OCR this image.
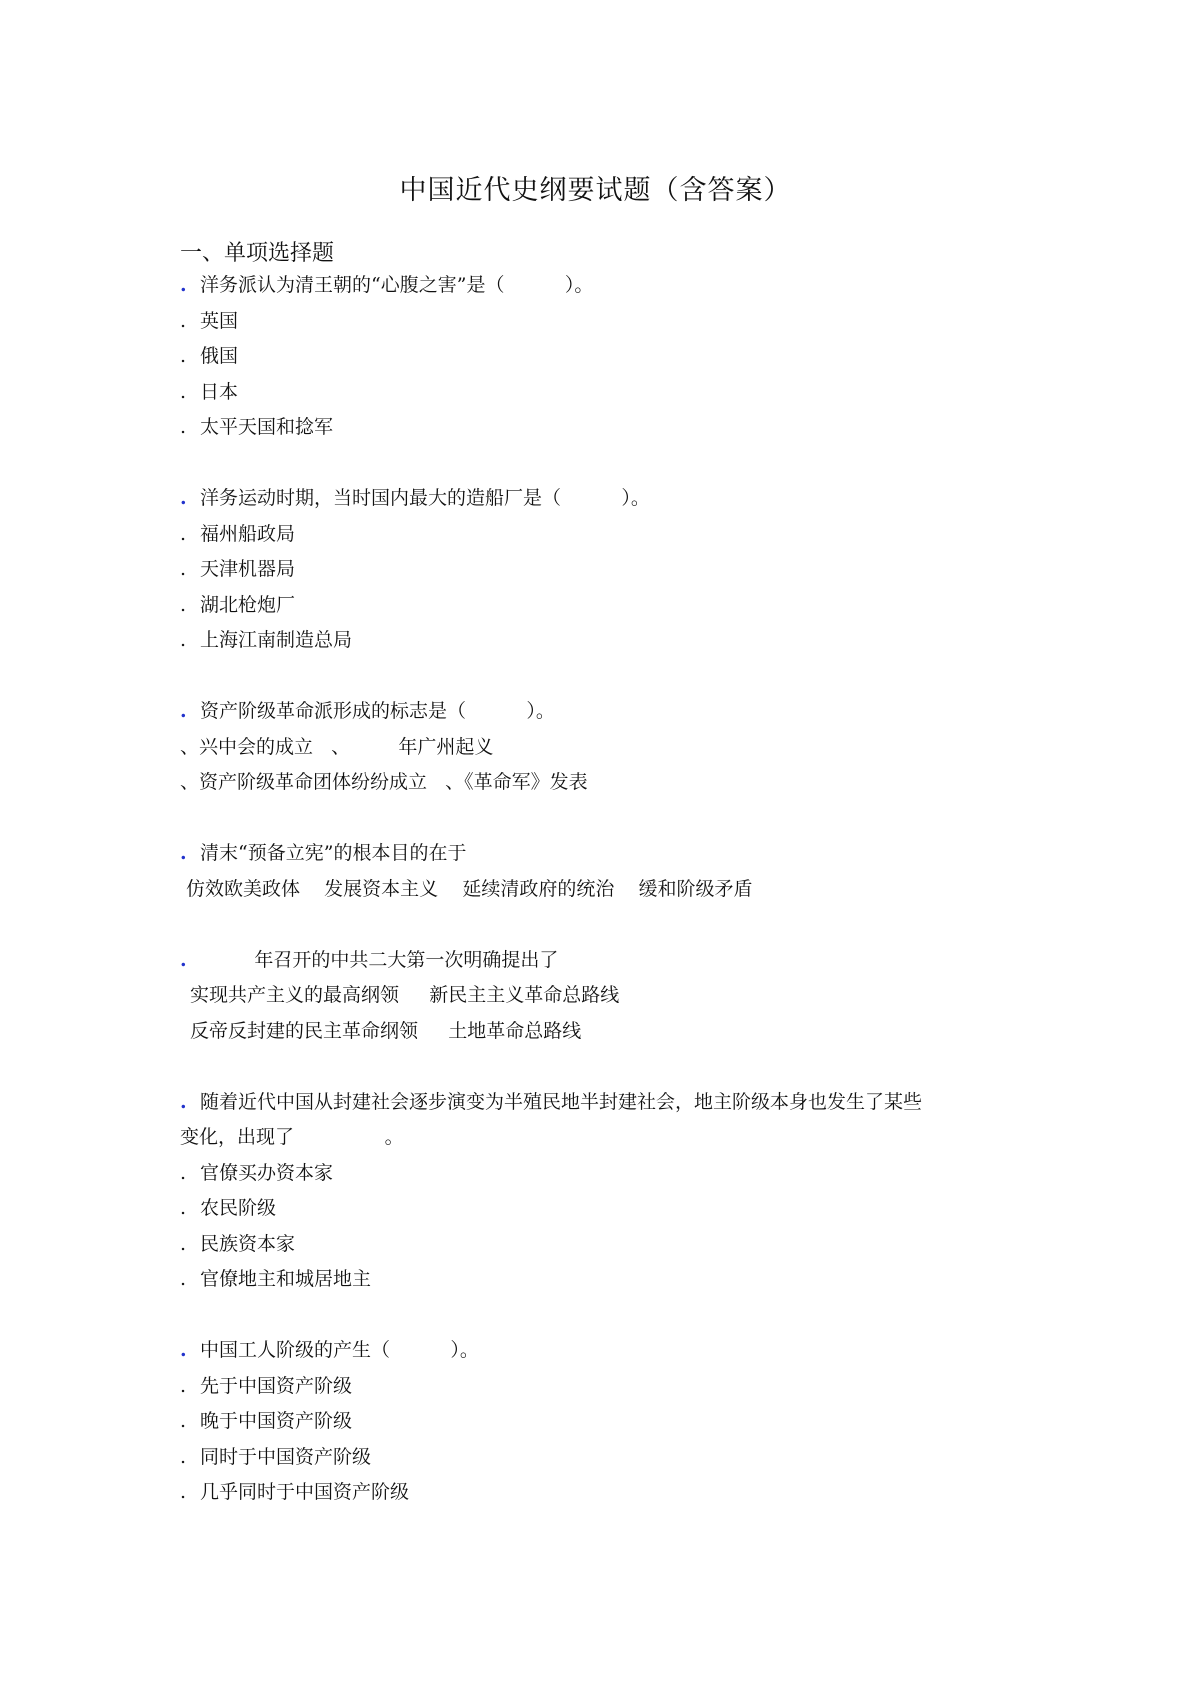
中国近代史纲要试题（含答案）
一、单项选择题
. 洋务派认为清王朝的“心腹之害”是（          ）。
. 英国
. 俄国
. 日本
. 太平天国和捻军
. 洋务运动时期，当时国内最大的造船厂是（          ）。
. 福州船政局
. 天津机器局
. 湖北枪炮厂
. 上海江南制造总局
. 资产阶级革命派形成的标志是（          ）。
、兴中会的成立   、        年广州起义
、资产阶级革命团体纷纷成立   、《革命军》发表
. 清末“预备立宪”的根本目的在于
仿效欧美政体    发展资本主义    延续清政府的统治    缓和阶级矛盾
.          年召开的中共二大第一次明确提出了
实现共产主义的最高纲领     新民主主义革命总路线
反帝反封建的民主革命纲领     土地革命总路线
. 随着近代中国从封建社会逐步演变为半殖民地半封建社会，地主阶级本身也发生了某些
变化，出现了               。
. 官僚买办资本家
. 农民阶级
. 民族资本家
. 官僚地主和城居地主
. 中国工人阶级的产生（          ）。
. 先于中国资产阶级
. 晚于中国资产阶级
. 同时于中国资产阶级
. 几乎同时于中国资产阶级
